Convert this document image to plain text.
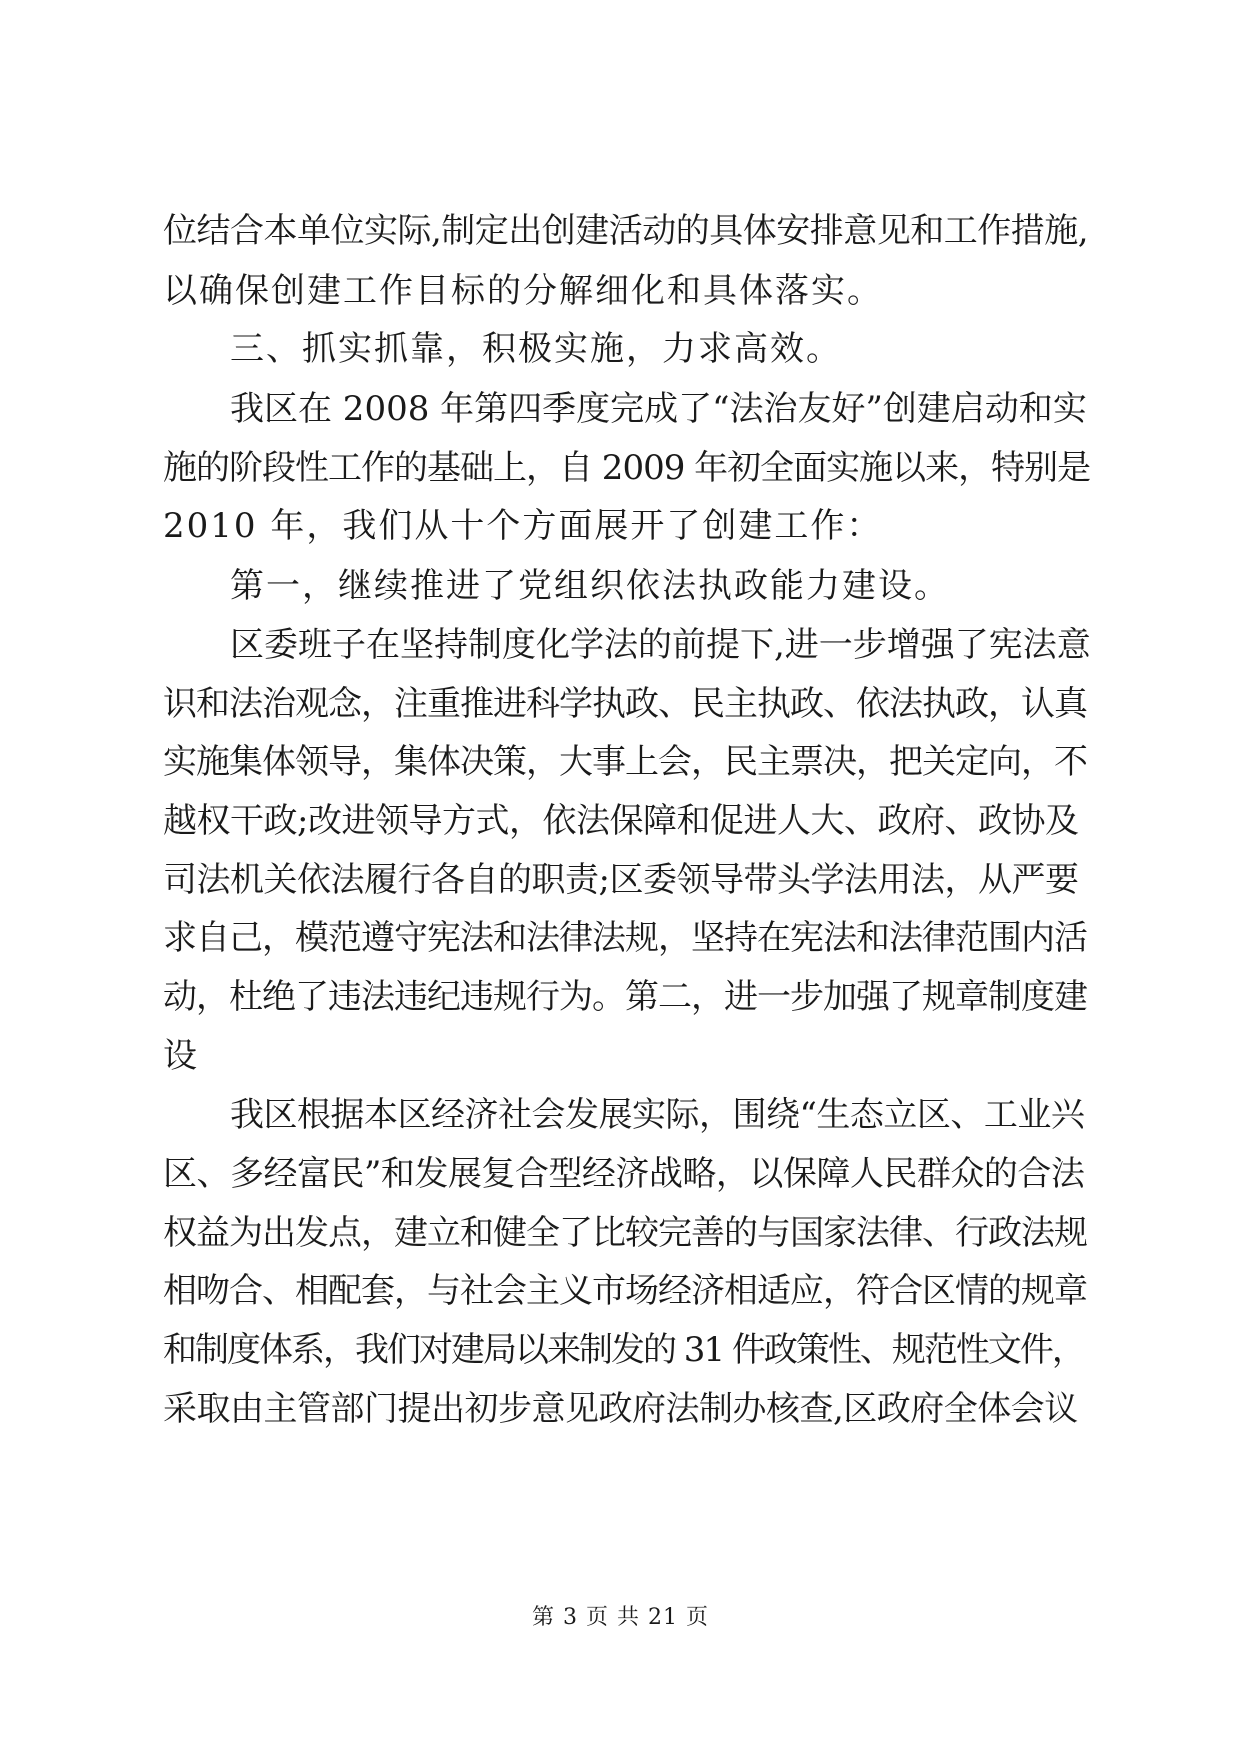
位结合本单位实际,制定出创建活动的具体安排意见和工作措施,
以确保创建工作目标的分解细化和具体落实。
三、抓实抓靠，积极实施，力求高效。
我区在 2008 年第四季度完成了“法治友好”创建启动和实
施的阶段性工作的基础上，自 2009 年初全面实施以来，特别是
2010 年，我们从十个方面展开了创建工作：
第一，继续推进了党组织依法执政能力建设。
区委班子在坚持制度化学法的前提下,进一步增强了宪法意
识和法治观念，注重推进科学执政、民主执政、依法执政，认真
实施集体领导，集体决策，大事上会，民主票决，把关定向，不
越权干政;改进领导方式，依法保障和促进人大、政府、政协及
司法机关依法履行各自的职责;区委领导带头学法用法，从严要
求自己，模范遵守宪法和法律法规，坚持在宪法和法律范围内活
动，杜绝了违法违纪违规行为。第二，进一步加强了规章制度建
设
我区根据本区经济社会发展实际，围绕“生态立区、工业兴
区、多经富民”和发展复合型经济战略，以保障人民群众的合法
权益为出发点，建立和健全了比较完善的与国家法律、行政法规
相吻合、相配套，与社会主义市场经济相适应，符合区情的规章
和制度体系，我们对建局以来制发的 31 件政策性、规范性文件，
采取由主管部门提出初步意见政府法制办核查,区政府全体会议
第 3 页 共 21 页
